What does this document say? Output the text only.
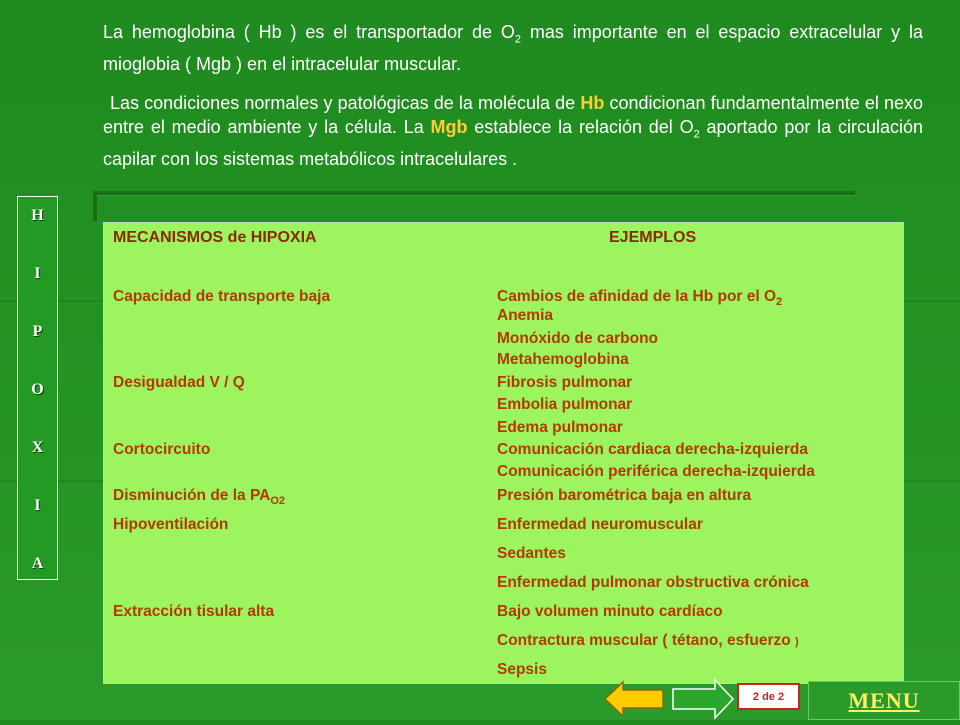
La hemoglobina ( Hb ) es el transportador de $O_2$ mas importante en el espacio extracelular y la mioglobia ( Mgb ) en el intracelular muscular.
Las condiciones normales y patológicas de la molécula de Hb condicionan fundamentalmente el nexo entre el medio ambiente y la célula. La Mgb establece la relación del $O_2$ aportado por la circulación capilar con los sistemas metabólicos intracelulares .
H
I
P
O
X
I
A
MECANISMOS de HIPOXIA	EJEMPLOS
Capacidad de transporte baja	Cambios de afinidad de la Hb por el $O_2$
Anemia
Monóxido de carbono
Metahemoglobina
Desigualdad V / Q	Fibrosis pulmonar
Embolia pulmonar
Edema pulmonar
Cortocircuito	Comunicación cardiaca derecha-izquierda
Comunicación periférica derecha-izquierda
Disminución de la $PA_{O2}$	Presión barométrica baja en altura
Hipoventilación	Enfermedad neuromuscular
Sedantes
Enfermedad pulmonar obstructiva crónica
Extracción tisular alta	Bajo volumen minuto cardíaco
Contractura muscular ( tétano, esfuerzo )
Sepsis
2 de 2	MENU
